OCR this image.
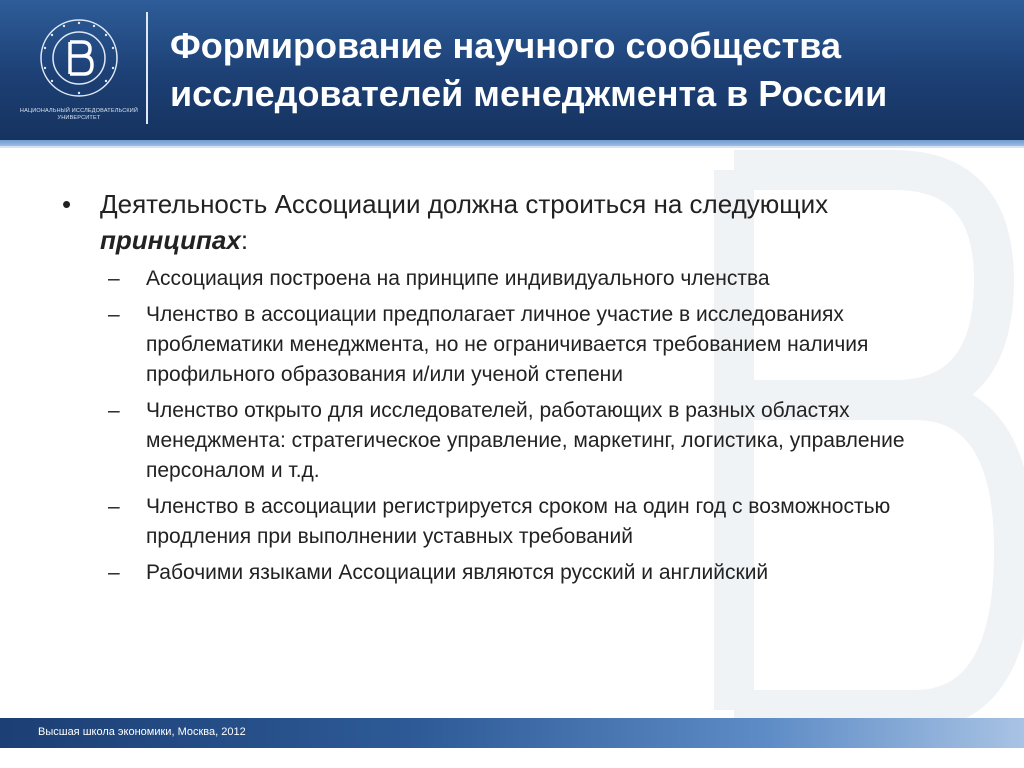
НАЦИОНАЛЬНЫЙ ИССЛЕДОВАТЕЛЬСКИЙ
УНИВЕРСИТЕТ
Формирование научного сообщества
исследователей менеджмента в России
• Деятельность Ассоциации должна строиться на следующих принципах:
– Ассоциация построена на принципе индивидуального членства
– Членство в ассоциации предполагает личное участие в исследованиях проблематики менеджмента, но не ограничивается требованием наличия профильного образования и/или ученой степени
– Членство открыто для исследователей, работающих в разных областях менеджмента: стратегическое управление, маркетинг, логистика, управление персоналом и т.д.
– Членство в ассоциации регистрируется сроком на один год с возможностью продления при выполнении уставных требований
– Рабочими языками Ассоциации являются русский и английский
Высшая школа экономики, Москва, 2012
